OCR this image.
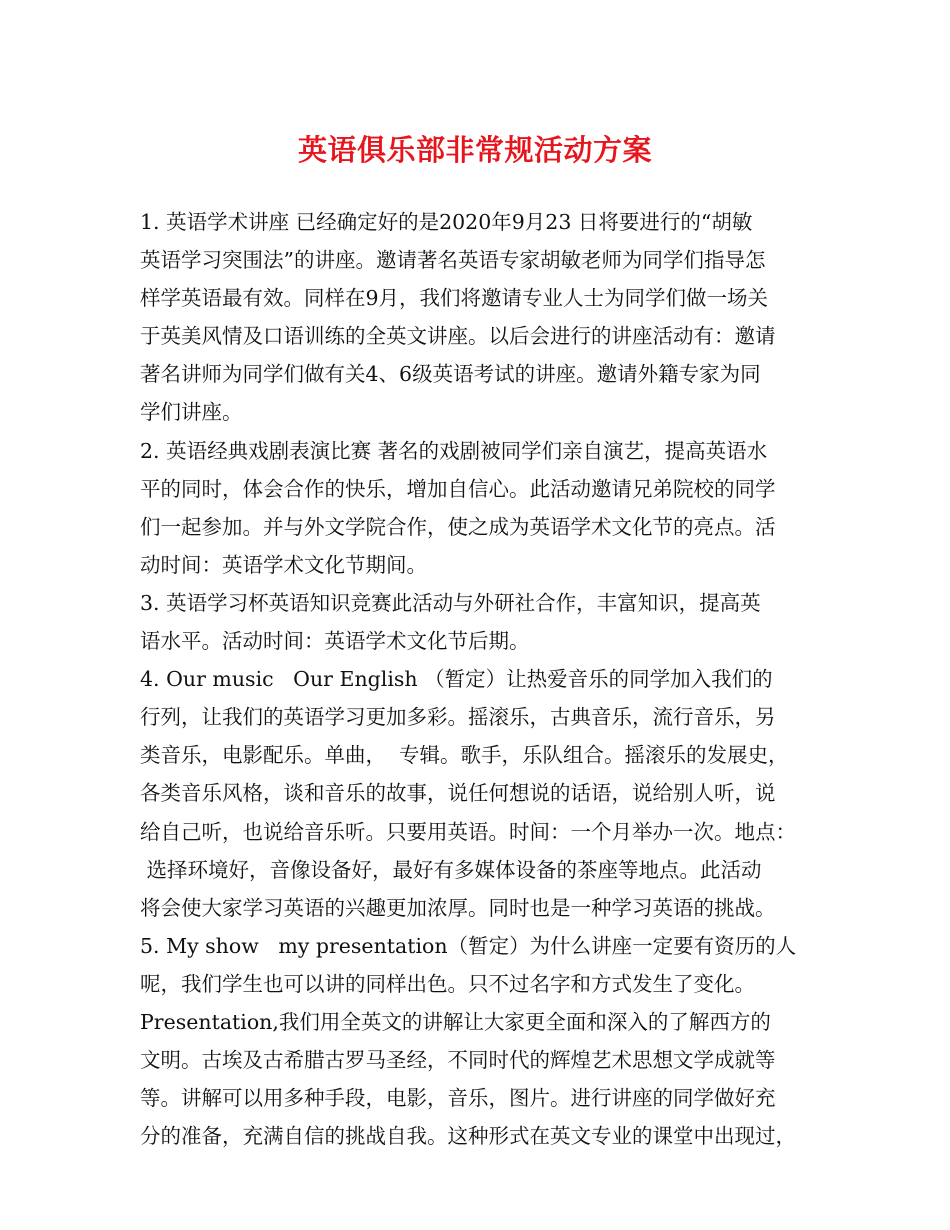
英语俱乐部非常规活动方案
1. 英语学术讲座 已经确定好的是2020年9月23 日将要进行的“胡敏
英语学习突围法”的讲座。邀请著名英语专家胡敏老师为同学们指导怎
样学英语最有效。同样在9月，我们将邀请专业人士为同学们做一场关
于英美风情及口语训练的全英文讲座。以后会进行的讲座活动有：邀请
著名讲师为同学们做有关4、6级英语考试的讲座。邀请外籍专家为同
学们讲座。
2. 英语经典戏剧表演比赛 著名的戏剧被同学们亲自演艺，提高英语水
平的同时，体会合作的快乐，增加自信心。此活动邀请兄弟院校的同学
们一起参加。并与外文学院合作，使之成为英语学术文化节的亮点。活
动时间：英语学术文化节期间。
3. 英语学习杯英语知识竞赛此活动与外研社合作，丰富知识，提高英
语水平。活动时间：英语学术文化节后期。
4. Our music   Our English （暂定）让热爱音乐的同学加入我们的
行列，让我们的英语学习更加多彩。摇滚乐，古典音乐，流行音乐，另
类音乐，电影配乐。单曲，  专辑。歌手，乐队组合。摇滚乐的发展史，
各类音乐风格，谈和音乐的故事，说任何想说的话语，说给别人听，说
给自己听，也说给音乐听。只要用英语。时间：一个月举办一次。地点：
选择环境好，音像设备好，最好有多媒体设备的茶座等地点。此活动
将会使大家学习英语的兴趣更加浓厚。同时也是一种学习英语的挑战。
5. My show   my presentation（暂定）为什么讲座一定要有资历的人
呢，我们学生也可以讲的同样出色。只不过名字和方式发生了变化。
Presentation,我们用全英文的讲解让大家更全面和深入的了解西方的
文明。古埃及古希腊古罗马圣经，不同时代的辉煌艺术思想文学成就等
等。讲解可以用多种手段，电影，音乐，图片。进行讲座的同学做好充
分的准备，充满自信的挑战自我。这种形式在英文专业的课堂中出现过，
